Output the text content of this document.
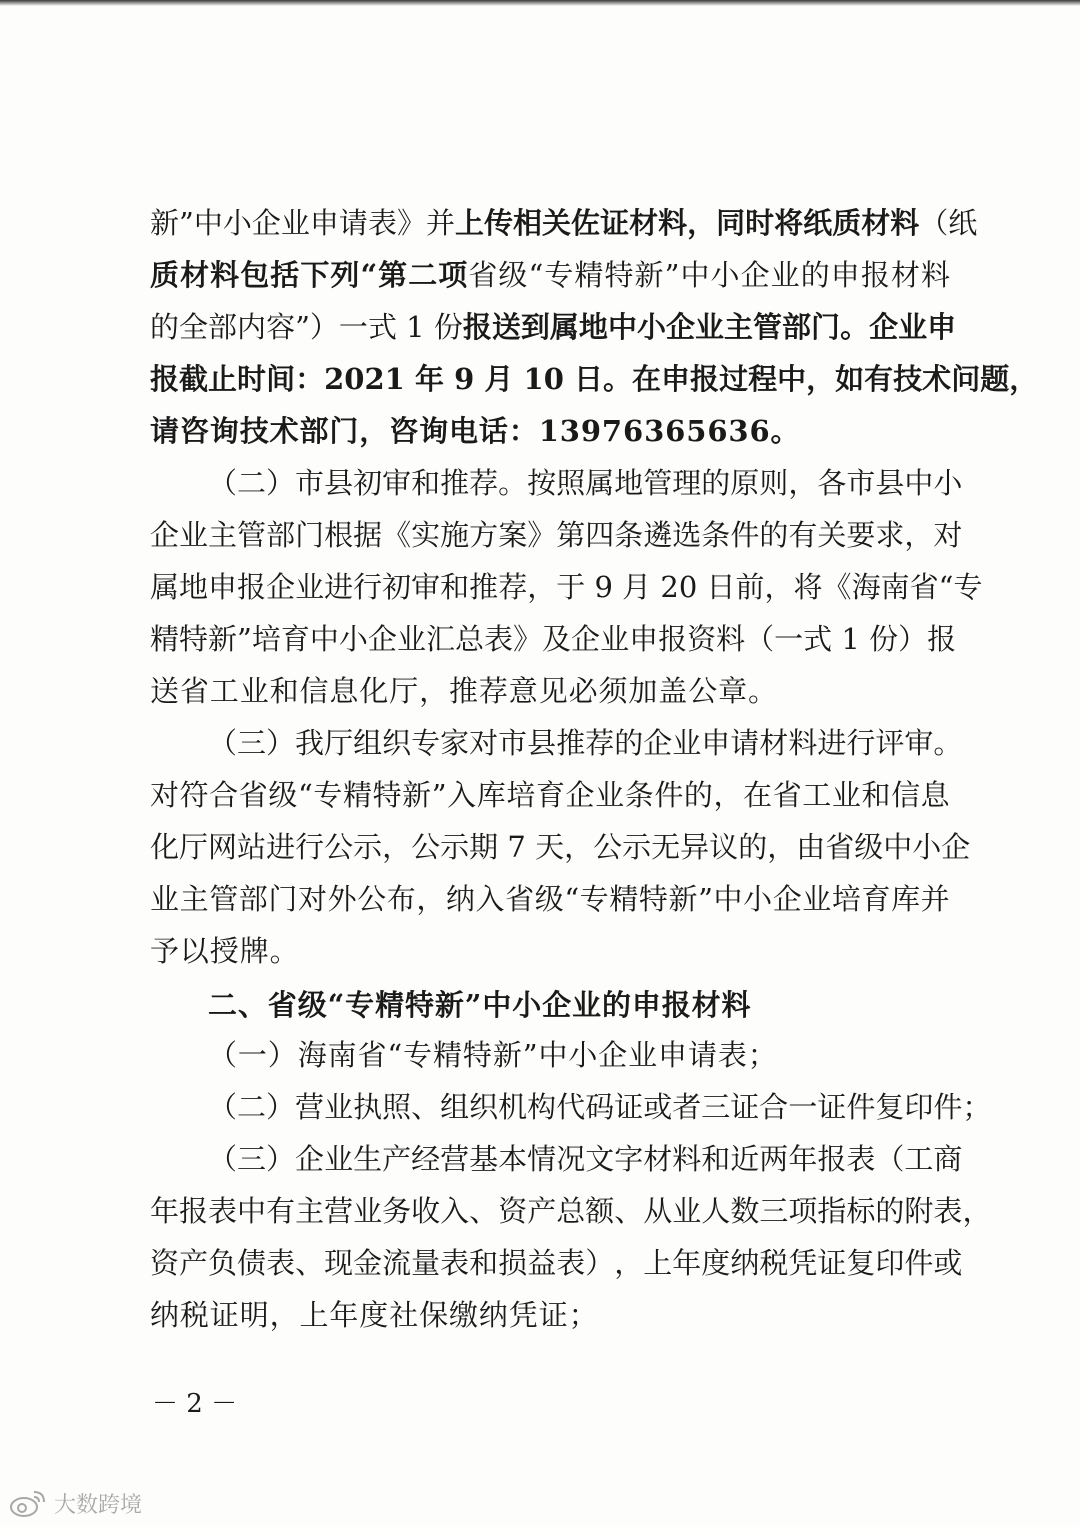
新 ” 中 小 企 业 申 请 表 》 并 上 传 相 关 佐 证 材 料 ， 同 时 将 纸 质 材 料 （ 纸
质 材 料 包 括 下 列 “ 第 二 项 省 级 “ 专 精 特 新 ” 中 小 企 业 的 申 报 材 料
的 全 部 内 容 ” ） 一 式
1
份 报 送 到 属 地 中 小 企 业 主 管 部 门 。 企 业 申
报 截 止 时 间 ： 2 0 2 1
年
9
月
1 0
日 。 在 申 报 过 程 中 ， 如 有 技 术 问 题 ，
请咨询技术部门，咨询电话：13976365636。
（ 二 ） 市 县 初 审 和 推 荐 。 按 照 属 地 管 理 的 原 则 ， 各 市 县 中 小
企 业 主 管 部 门 根 据 《 实 施 方 案 》 第 四 条 遴 选 条 件 的 有 关 要 求 ， 对
属 地 申 报 企 业 进 行 初 审 和 推 荐 ， 于
9
月
2 0
日 前 ， 将 《 海 南 省 “ 专
精 特 新 ” 培 育 中 小 企 业 汇 总 表 》 及 企 业 申 报 资 料 （ 一 式
1
份 ） 报
送省工业和信息化厅，推荐意见必须加盖公章。
（ 三 ） 我 厅 组 织 专 家 对 市 县 推 荐 的 企 业 申 请 材 料 进 行 评 审 。
对 符 合 省 级 “ 专 精 特 新 ” 入 库 培 育 企 业 条 件 的 ， 在 省 工 业 和 信 息
化 厅 网 站 进 行 公 示 ， 公 示 期
7
天 ， 公 示 无 异 议 的 ， 由 省 级 中 小 企
业 主 管 部 门 对 外 公 布 ， 纳 入 省 级 “ 专 精 特 新 ” 中 小 企 业 培 育 库 并
予以授牌。
二、省级“专精特新”中小企业的申报材料
（一）海南省“专精特新”中小企业申请表；
（ 二 ） 营 业 执 照 、 组 织 机 构 代 码 证 或 者 三 证 合 一 证 件 复 印 件 ；
（ 三 ） 企 业 生 产 经 营 基 本 情 况 文 字 材 料 和 近 两 年 报 表 （ 工 商
年 报 表 中 有 主 营 业 务 收 入 、 资 产 总 额 、 从 业 人 数 三 项 指 标 的 附 表 ，
资 产 负 债 表 、 现 金 流 量 表 和 损 益 表 ） ， 上 年 度 纳 税 凭 证 复 印 件 或
纳税证明，上年度社保缴纳凭证；
－ 2 －
大数跨境
